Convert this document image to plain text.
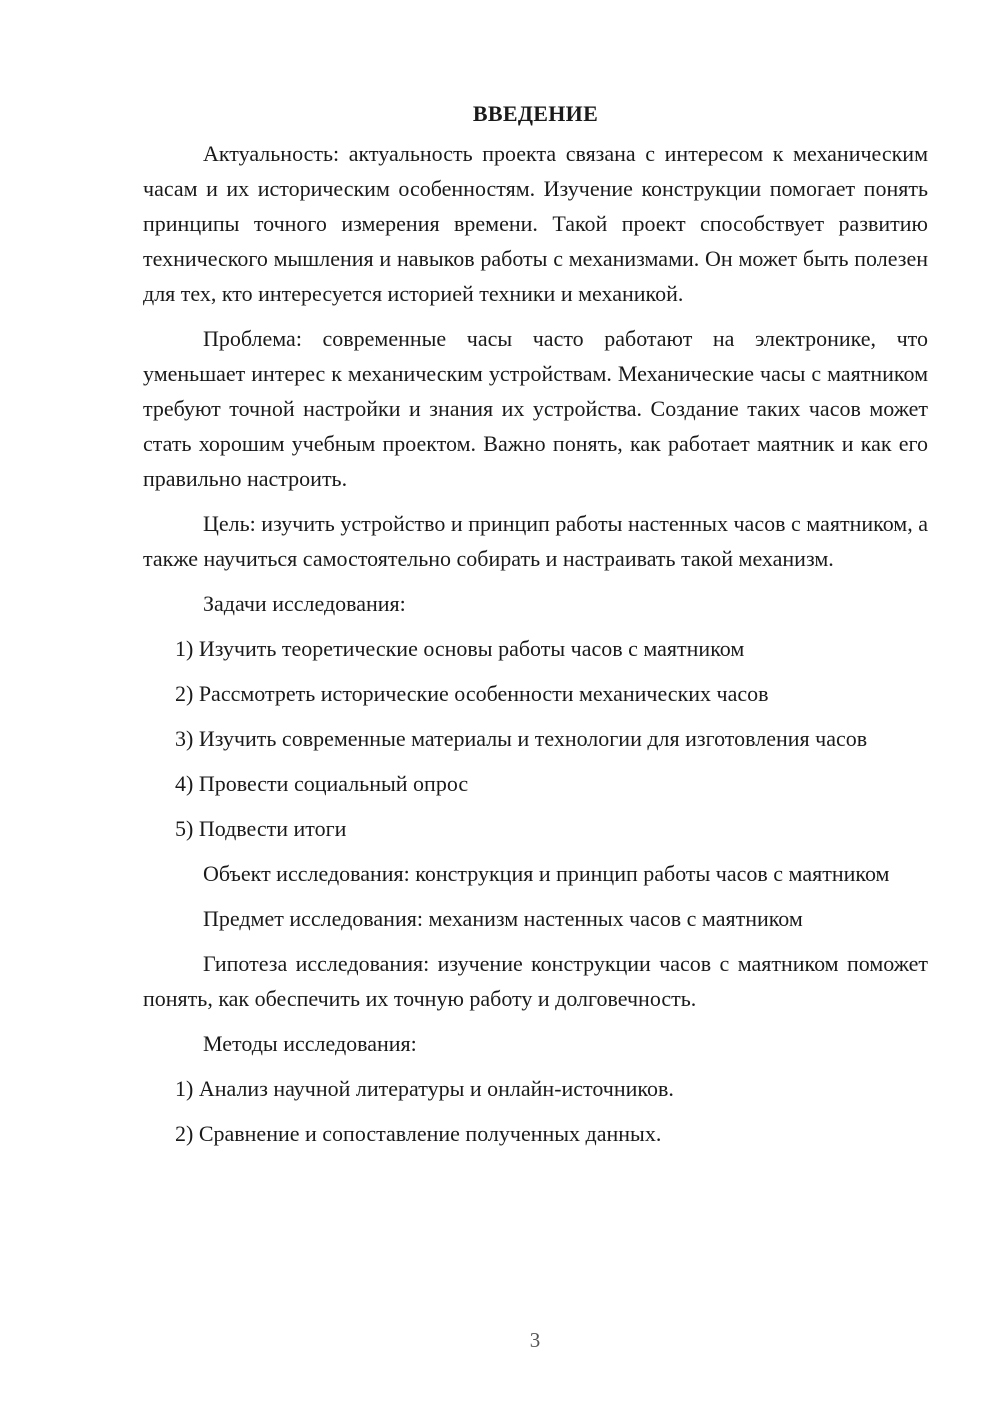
ВВЕДЕНИЕ

Актуальность: актуальность проекта связана с интересом к механическим часам и их историческим особенностям. Изучение конструкции помогает понять принципы точного измерения времени. Такой проект способствует развитию технического мышления и навыков работы с механизмами. Он может быть полезен для тех, кто интересуется историей техники и механикой.

Проблема: современные часы часто работают на электронике, что уменьшает интерес к механическим устройствам. Механические часы с маятником требуют точной настройки и знания их устройства. Создание таких часов может стать хорошим учебным проектом. Важно понять, как работает маятник и как его правильно настроить.

Цель: изучить устройство и принцип работы настенных часов с маятником, а также научиться самостоятельно собирать и настраивать такой механизм.

Задачи исследования:

1) Изучить теоретические основы работы часов с маятником

2) Рассмотреть исторические особенности механических часов

3) Изучить современные материалы и технологии для изготовления часов

4) Провести социальный опрос

5) Подвести итоги

Объект исследования: конструкция и принцип работы часов с маятником

Предмет исследования: механизм настенных часов с маятником

Гипотеза исследования: изучение конструкции часов с маятником поможет понять, как обеспечить их точную работу и долговечность.

Методы исследования:

1) Анализ научной литературы и онлайн-источников.

2) Сравнение и сопоставление полученных данных.

3
